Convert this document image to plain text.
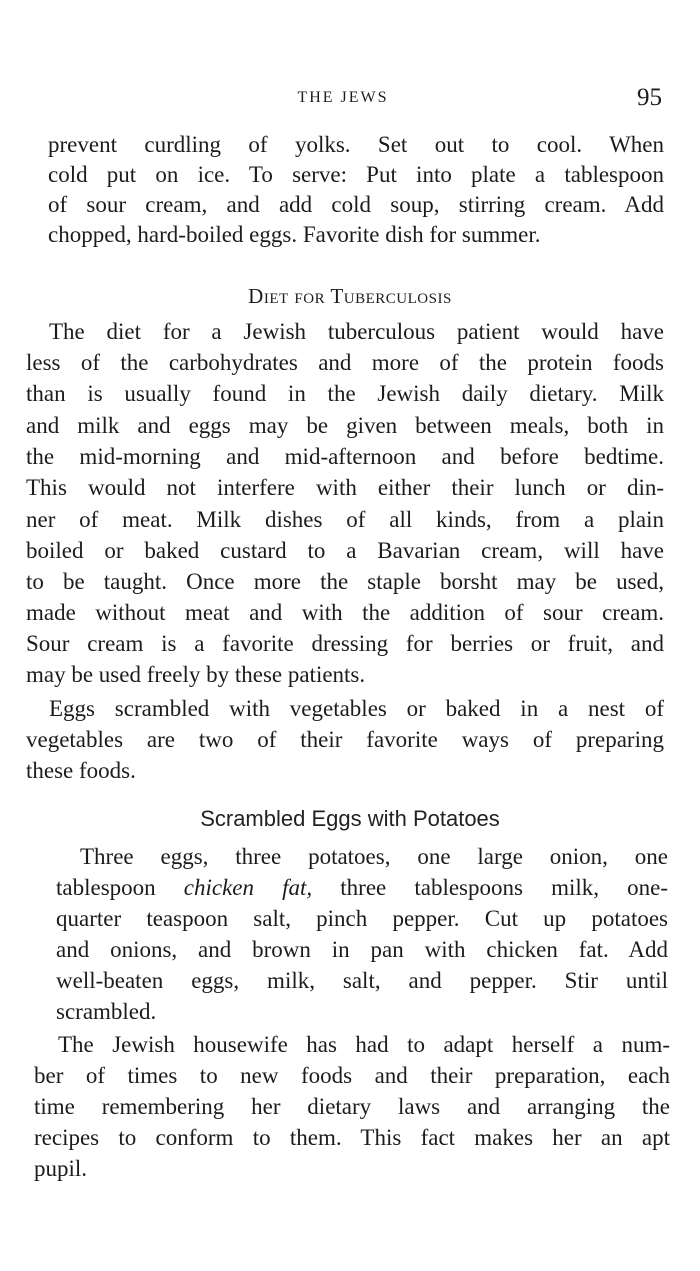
THE JEWS	95
prevent curdling of yolks. Set out to cool. When
cold put on ice. To serve: Put into plate a tablespoon
of sour cream, and add cold soup, stirring cream. Add
chopped, hard-boiled eggs. Favorite dish for summer.
Diet for Tuberculosis
The diet for a Jewish tuberculous patient would have
less of the carbohydrates and more of the protein foods
than is usually found in the Jewish daily dietary. Milk
and milk and eggs may be given between meals, both in
the mid-morning and mid-afternoon and before bedtime.
This would not interfere with either their lunch or din-
ner of meat. Milk dishes of all kinds, from a plain
boiled or baked custard to a Bavarian cream, will have
to be taught. Once more the staple borsht may be used,
made without meat and with the addition of sour cream.
Sour cream is a favorite dressing for berries or fruit, and
may be used freely by these patients.
Eggs scrambled with vegetables or baked in a nest of
vegetables are two of their favorite ways of preparing
these foods.
Scrambled Eggs with Potatoes
Three eggs, three potatoes, one large onion, one
tablespoon chicken fat, three tablespoons milk, one-
quarter teaspoon salt, pinch pepper. Cut up potatoes
and onions, and brown in pan with chicken fat. Add
well-beaten eggs, milk, salt, and pepper. Stir until
scrambled.
The Jewish housewife has had to adapt herself a num-
ber of times to new foods and their preparation, each
time remembering her dietary laws and arranging the
recipes to conform to them. This fact makes her an apt
pupil.
